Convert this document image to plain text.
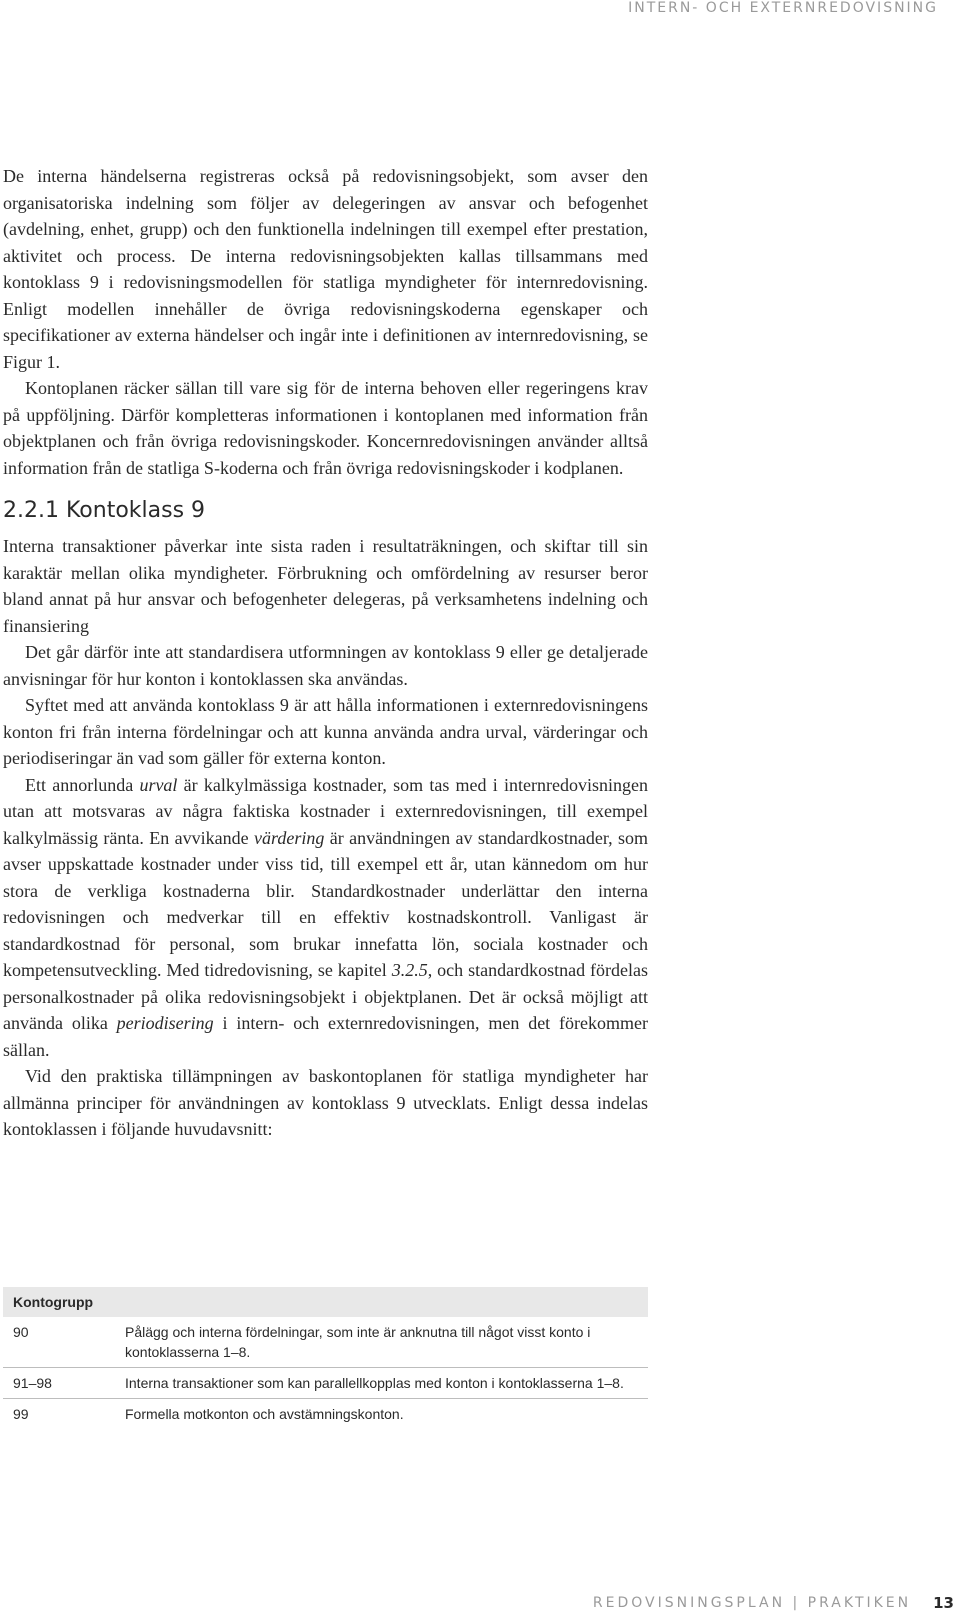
INTERN- OCH EXTERNREDOVISNING

De interna händelserna registreras också på redovisningsobjekt, som avser den organisatoriska indelning som följer av delegeringen av ansvar och befogenhet (avdelning, enhet, grupp) och den funktionella indelningen till exempel efter prestation, aktivitet och process. De interna redovisningsobjekten kallas tillsammans med kontoklass 9 i redovisningsmodellen för statliga myndigheter för internredovisning. Enligt modellen innehåller de övriga redovisningskoderna egenskaper och specifikationer av externa händelser och ingår inte i definitionen av internredovisning, se Figur 1.

Kontoplanen räcker sällan till vare sig för de interna behoven eller regeringens krav på uppföljning. Därför kompletteras informationen i kontoplanen med information från objektplanen och från övriga redovisningskoder. Koncernredovisningen använder alltså information från de statliga S-koderna och från övriga redovisningskoder i kodplanen.

2.2.1 Kontoklass 9

Interna transaktioner påverkar inte sista raden i resultaträkningen, och skiftar till sin karaktär mellan olika myndigheter. Förbrukning och omfördelning av resurser beror bland annat på hur ansvar och befogenheter delegeras, på verksamhetens indelning och finansiering

Det går därför inte att standardisera utformningen av kontoklass 9 eller ge detaljerade anvisningar för hur konton i kontoklassen ska användas.

Syftet med att använda kontoklass 9 är att hålla informationen i externredovisningens konton fri från interna fördelningar och att kunna använda andra urval, värderingar och periodiseringar än vad som gäller för externa konton.

Ett annorlunda urval är kalkylmässiga kostnader, som tas med i internredovisningen utan att motsvaras av några faktiska kostnader i externredovisningen, till exempel kalkylmässig ränta. En avvikande värdering är användningen av standardkostnader, som avser uppskattade kostnader under viss tid, till exempel ett år, utan kännedom om hur stora de verkliga kostnaderna blir. Standardkostnader underlättar den interna redovisningen och medverkar till en effektiv kostnadskontroll. Vanligast är standardkostnad för personal, som brukar innefatta lön, sociala kostnader och kompetensutveckling. Med tidredovisning, se kapitel 3.2.5, och standardkostnad fördelas personalkostnader på olika redovisningsobjekt i objektplanen. Det är också möjligt att använda olika periodisering i intern- och externredovisningen, men det förekommer sällan.

Vid den praktiska tillämpningen av baskontoplanen för statliga myndigheter har allmänna principer för användningen av kontoklass 9 utvecklats. Enligt dessa indelas kontoklassen i följande huvudavsnitt:

Kontogrupp
90	Pålägg och interna fördelningar, som inte är anknutna till något visst konto i kontoklasserna 1–8.
91–98	Interna transaktioner som kan parallellkopplas med konton i kontoklasserna 1–8.
99	Formella motkonton och avstämningskonton.
REDOVISNINGSPLAN | PRAKTIKEN 13
